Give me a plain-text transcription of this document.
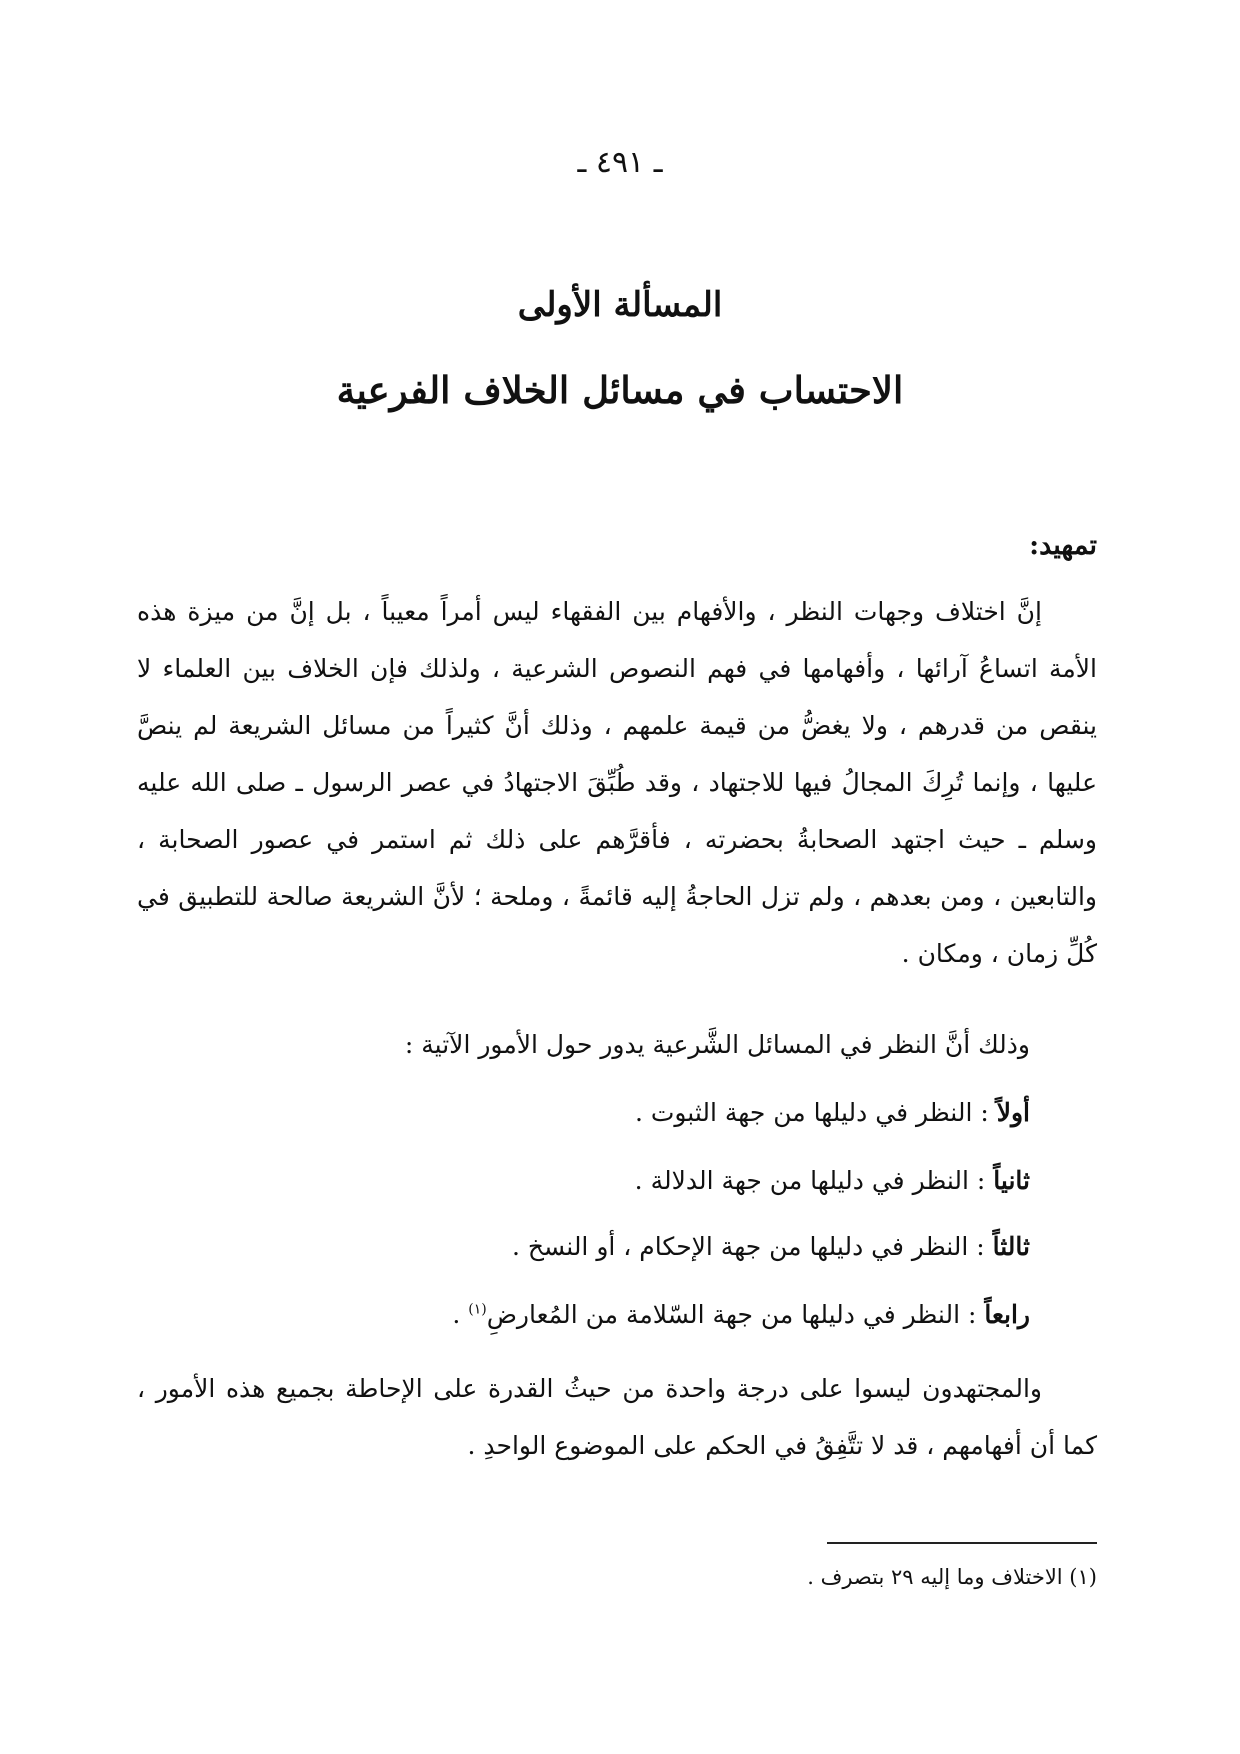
ـ ٤٩١ ـ
المسألة الأولى
الاحتساب في مسائل الخلاف الفرعية
تمهيد:
إنَّ اختلاف وجهات النظر ، والأفهام بين الفقهاء ليس أمراً معيباً ، بل إنَّ من ميزة هذه الأمة اتساعُ آرائها ، وأفهامها في فهم النصوص الشرعية ، ولذلك فإن الخلاف بين العلماء لا ينقص من قدرهم ، ولا يغضُّ من قيمة علمهم ، وذلك أنَّ كثيراً من مسائل الشريعة لم ينصَّ عليها ، وإنما تُرِكَ المجالُ فيها للاجتهاد ، وقد طُبِّقَ الاجتهادُ في عصر الرسول ـ صلى الله عليه وسلم ـ حيث اجتهد الصحابةُ بحضرته ، فأقرَّهم على ذلك ثم استمر في عصور الصحابة ، والتابعين ، ومن بعدهم ، ولم تزل الحاجةُ إليه قائمةً ، وملحة ؛ لأنَّ الشريعة صالحة للتطبيق في كُلِّ زمان ، ومكان .
وذلك أنَّ النظر في المسائل الشَّرعية يدور حول الأمور الآتية :
أولاً : النظر في دليلها من جهة الثبوت .
ثانياً : النظر في دليلها من جهة الدلالة .
ثالثاً : النظر في دليلها من جهة الإحكام ، أو النسخ .
رابعاً : النظر في دليلها من جهة السّلامة من المُعارضِ$^{(١)}$ .
والمجتهدون ليسوا على درجة واحدة من حيثُ القدرة على الإحاطة بجميع هذه الأمور ، كما أن أفهامهم ، قد لا تتَّفِقُ في الحكم على الموضوع الواحدِ .
(١) الاختلاف وما إليه ٢٩ بتصرف .
